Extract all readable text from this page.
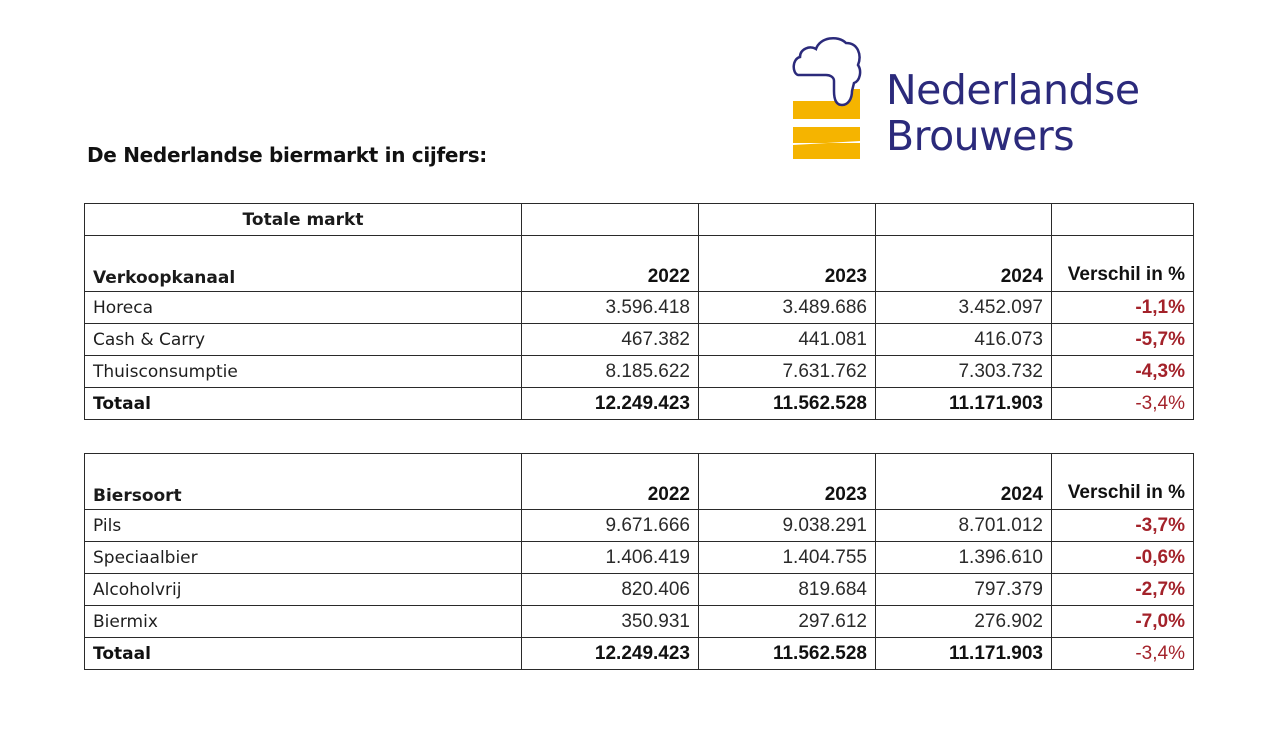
Nederlandse
Brouwers
De Nederlandse biermarkt in cijfers:
Totale markt				
Verkoopkanaal	2022	2023	2024	Verschil in %
Horeca	3.596.418	3.489.686	3.452.097	-1,1%
Cash & Carry	467.382	441.081	416.073	-5,7%
Thuisconsumptie	8.185.622	7.631.762	7.303.732	-4,3%
Totaal	12.249.423	11.562.528	11.171.903	-3,4%
Biersoort	2022	2023	2024	Verschil in %
Pils	9.671.666	9.038.291	8.701.012	-3,7%
Speciaalbier	1.406.419	1.404.755	1.396.610	-0,6%
Alcoholvrij	820.406	819.684	797.379	-2,7%
Biermix	350.931	297.612	276.902	-7,0%
Totaal	12.249.423	11.562.528	11.171.903	-3,4%
